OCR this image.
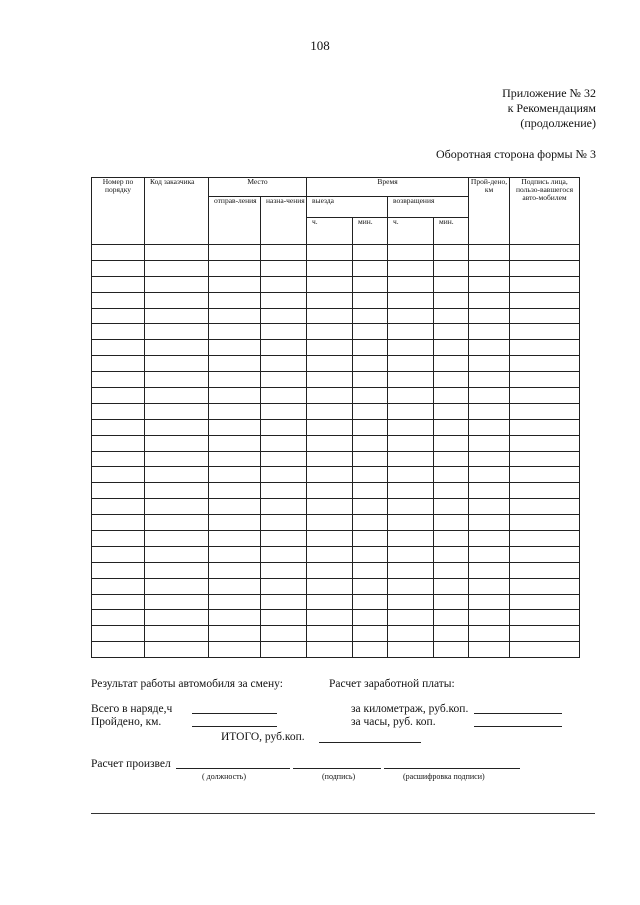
108
Приложение № 32
к Рекомендациям
(продолжение)
Оборотная сторона формы № 3
Номер по порядку	Код заказчика	Место		Время				Прой-дено, км	Подпись лица, пользо-вавшегося авто-мобилем
		отправ-ления	назна-чения	выезда		возвращения			
				ч.	мин.	ч.	мин.		

Результат работы автомобиля за смену:	Расчет заработной платы:
Всего в наряде,ч
Пройдено, км.
за километраж, руб.коп.
за часы, руб. коп.
ИТОГО, руб.коп.
Расчет произвел
( должность)	(подпись)	(расшифровка подписи)
